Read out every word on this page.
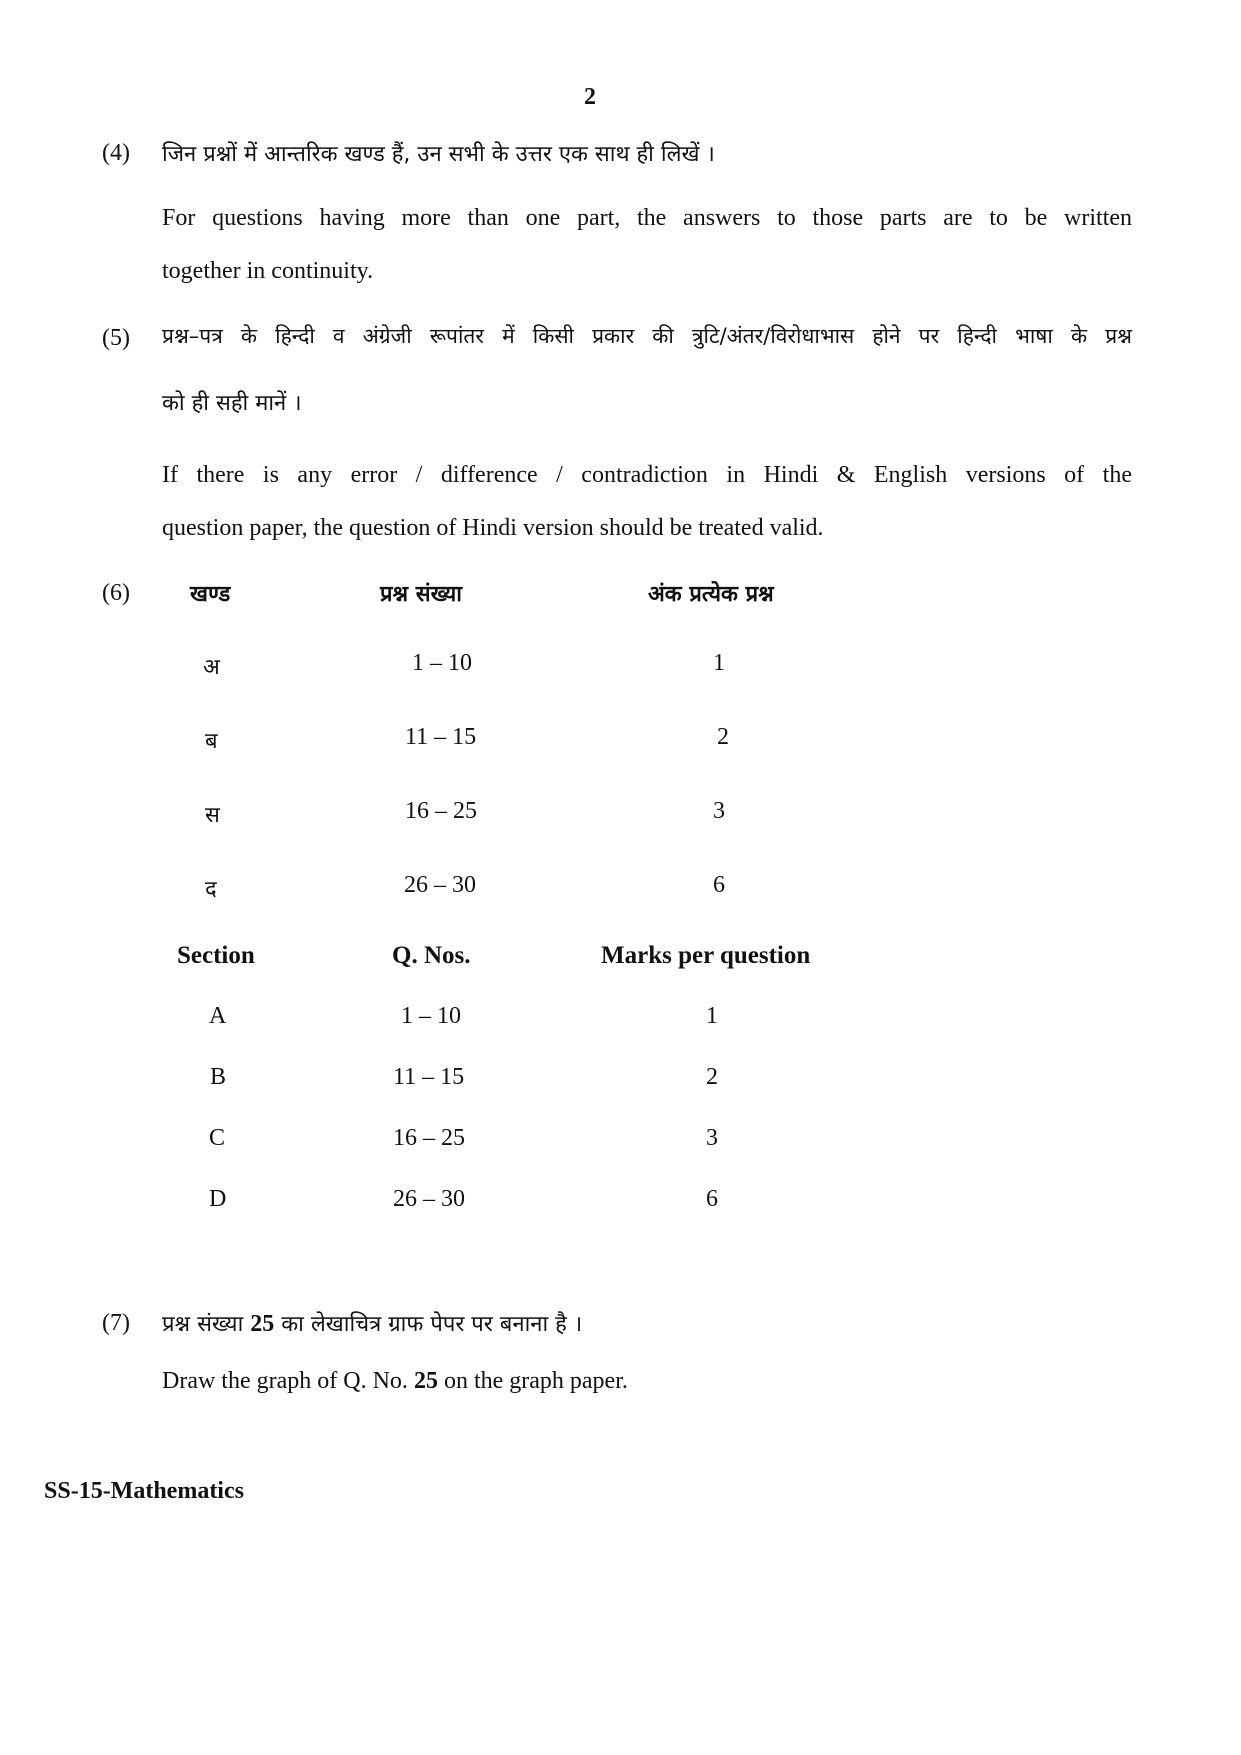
2
(4) जिन प्रश्नों में आन्तरिक खण्ड हैं, उन सभी के उत्तर एक साथ ही लिखें ।
For questions having more than one part, the answers to those parts are to be written
together in continuity.
(5) प्रश्न–पत्र के हिन्दी व अंग्रेजी रूपांतर में किसी प्रकार की त्रुटि/अंतर/विरोधाभास होने पर हिन्दी भाषा के प्रश्न
को ही सही मानें ।
If there is any error / difference / contradiction in Hindi & English versions of the
question paper, the question of Hindi version should be treated valid.
(6)	खण्ड	प्रश्न संख्या	अंक प्रत्येक प्रश्न
अ	1 – 10	1
ब	11 – 15	2
स	16 – 25	3
द	26 – 30	6
Section	Q. Nos.	Marks per question
A	1 – 10	1
B	11 – 15	2
C	16 – 25	3
D	26 – 30	6
(7) प्रश्न संख्या 25 का लेखाचित्र ग्राफ पेपर पर बनाना है ।
Draw the graph of Q. No. 25 on the graph paper.
SS-15-Mathematics
